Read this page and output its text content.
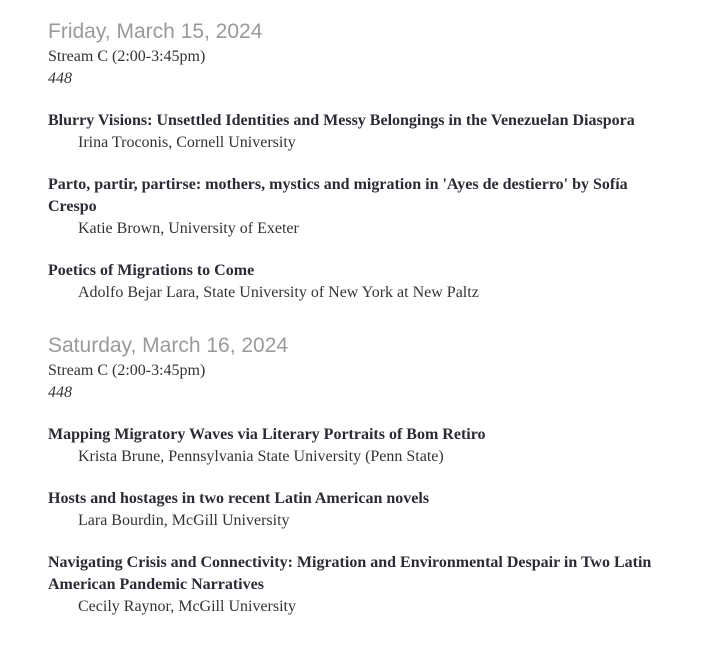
Friday, March 15, 2024
Stream C (2:00-3:45pm)
448
Blurry Visions: Unsettled Identities and Messy Belongings in the Venezuelan Diaspora
Irina Troconis, Cornell University
Parto, partir, partirse: mothers, mystics and migration in 'Ayes de destierro' by Sofía Crespo
Katie Brown, University of Exeter
Poetics of Migrations to Come
Adolfo Bejar Lara, State University of New York at New Paltz
Saturday, March 16, 2024
Stream C (2:00-3:45pm)
448
Mapping Migratory Waves via Literary Portraits of Bom Retiro
Krista Brune, Pennsylvania State University (Penn State)
Hosts and hostages in two recent Latin American novels
Lara Bourdin, McGill University
Navigating Crisis and Connectivity: Migration and Environmental Despair in Two Latin American Pandemic Narratives
Cecily Raynor, McGill University
